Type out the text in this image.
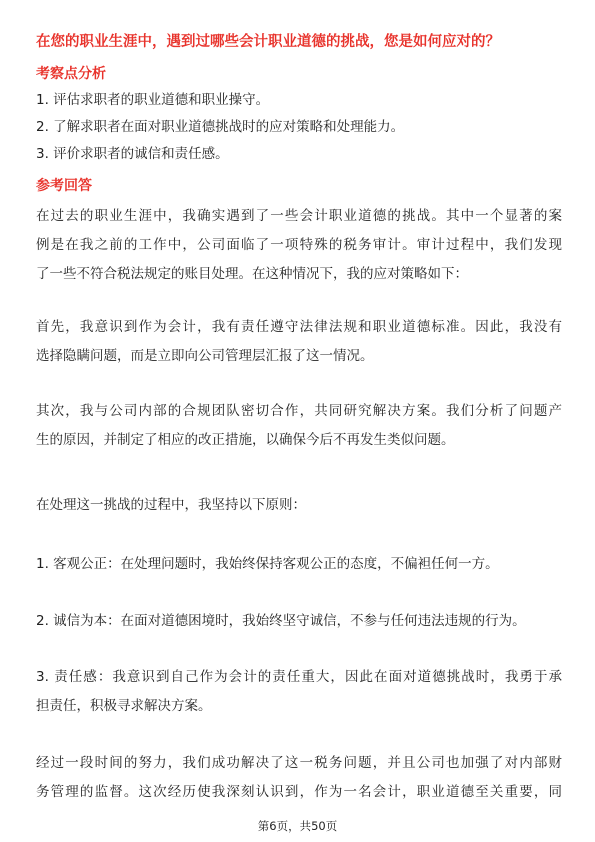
在您的职业生涯中，遇到过哪些会计职业道德的挑战，您是如何应对的？
考察点分析
1. 评估求职者的职业道德和职业操守。
2. 了解求职者在面对职业道德挑战时的应对策略和处理能力。
3. 评价求职者的诚信和责任感。
参考回答
在过去的职业生涯中，我确实遇到了一些会计职业道德的挑战。其中一个显著的案
例是在我之前的工作中，公司面临了一项特殊的税务审计。审计过程中，我们发现
了一些不符合税法规定的账目处理。在这种情况下，我的应对策略如下：
首先，我意识到作为会计，我有责任遵守法律法规和职业道德标准。因此，我没有
选择隐瞒问题，而是立即向公司管理层汇报了这一情况。
其次，我与公司内部的合规团队密切合作，共同研究解决方案。我们分析了问题产
生的原因，并制定了相应的改正措施，以确保今后不再发生类似问题。
在处理这一挑战的过程中，我坚持以下原则：
1. 客观公正：在处理问题时，我始终保持客观公正的态度，不偏袒任何一方。
2. 诚信为本：在面对道德困境时，我始终坚守诚信，不参与任何违法违规的行为。
3. 责任感：我意识到自己作为会计的责任重大，因此在面对道德挑战时，我勇于承
担责任，积极寻求解决方案。
经过一段时间的努力，我们成功解决了这一税务问题，并且公司也加强了对内部财
务管理的监督。这次经历使我深刻认识到，作为一名会计，职业道德至关重要，同
第6页，共50页
